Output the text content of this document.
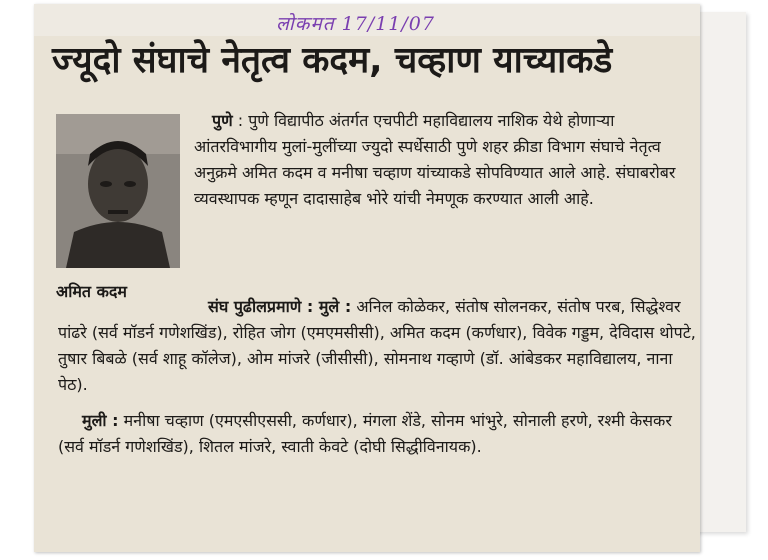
लोकमत 17/11/07
ज्यूदो संघाचे नेतृत्व कदम, चव्हाण याच्याकडे
अमित कदम

पुणे : पुणे विद्यापीठ अंतर्गत एचपीटी महाविद्यालय नाशिक येथे होणाऱ्या आंतरविभागीय मुलां-मुलींच्या ज्युदो स्पर्धेसाठी पुणे शहर क्रीडा विभाग संघाचे नेतृत्व अनुक्रमे अमित कदम व मनीषा चव्हाण यांच्याकडे सोपविण्यात आले आहे. संघाबरोबर व्यवस्थापक म्हणून दादासाहेब भोरे यांची नेमणूक करण्यात आली आहे.

संघ पुढीलप्रमाणे : मुले : अनिल कोळेकर, संतोष सोलनकर, संतोष परब, सिद्धेश्वर पांढरे (सर्व मॉडर्न गणेशखिंड), रोहित जोग (एमएमसीसी), अमित कदम (कर्णधार), विवेक गड्डम, देविदास थोपटे, तुषार बिबळे (सर्व शाहू कॉलेज), ओम मांजरे (जीसीसी), सोमनाथ गव्हाणे (डॉ. आंबेडकर महाविद्यालय, नाना पेठ).

मुली : मनीषा चव्हाण (एमएसीएससी, कर्णधार), मंगला शेंडे, सोनम भांभुरे, सोनाली हरणे, रश्मी केसकर (सर्व मॉडर्न गणेशखिंड), शितल मांजरे, स्वाती केवटे (दोघी सिद्धीविनायक).
